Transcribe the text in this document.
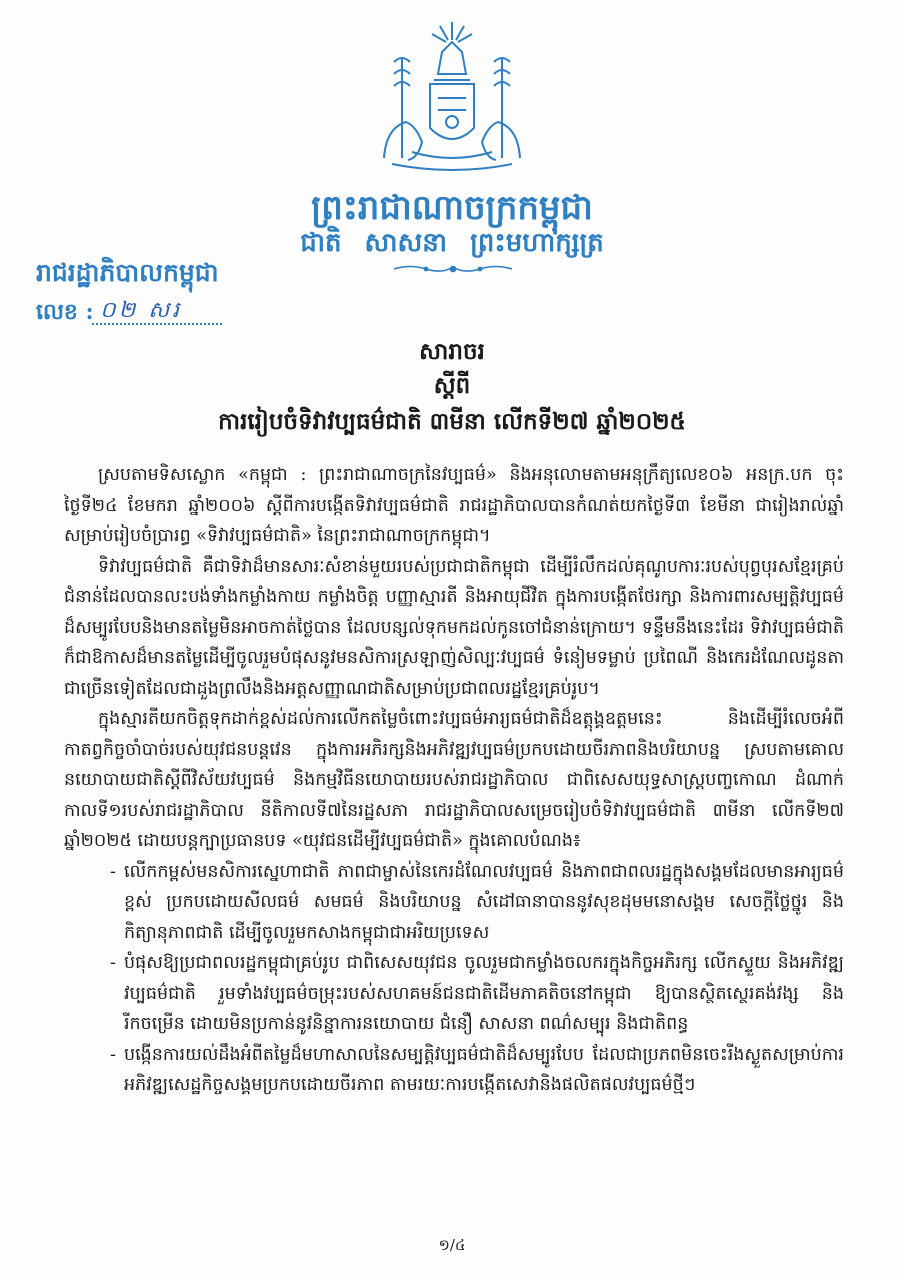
ព្រះរាជាណាចក្រកម្ពុជា
ជាតិ សាសនា ព្រះមហាក្សត្រ
រាជរដ្ឋាភិបាលកម្ពុជា
លេខ : ០២ សរ
សារាចរ
ស្តីពី
ការរៀបចំទិវាវប្បធម៌ជាតិ ៣មីនា លើកទី២៧ ឆ្នាំ២០២៥

ស្របតាមទិសស្លោក «កម្ពុជា : ព្រះរាជាណាចក្រនៃវប្បធម៌» និងអនុលោមតាមអនុក្រឹត្យលេខ០៦ អនក្រ.បក ចុះថ្ងៃទី២៤ ខែមករា ឆ្នាំ២០០៦ ស្តីពីការបង្កើតទិវាវប្បធម៌ជាតិ រាជរដ្ឋាភិបាលបានកំណត់យកថ្ងៃទី៣ ខែមីនា ជារៀងរាល់ឆ្នាំសម្រាប់រៀបចំប្រារព្ធ «ទិវាវប្បធម៌ជាតិ» នៃព្រះរាជាណាចក្រកម្ពុជា។

ទិវាវប្បធម៌ជាតិ គឺជាទិវាដ៏មានសារៈសំខាន់មួយរបស់ប្រជាជាតិកម្ពុជា ដើម្បីរំលឹកដល់គុណូបការៈរបស់បុព្វបុរសខ្មែរគ្រប់ជំនាន់ដែលបានលះបង់ទាំងកម្លាំងកាយ កម្លាំងចិត្ត បញ្ញាស្មារតី និងអាយុជីវិត ក្នុងការបង្កើតថែរក្សា និងការពារសម្បត្តិវប្បធម៌ដ៏សម្បូរបែបនិងមានតម្លៃមិនអាចកាត់ថ្លៃបាន ដែលបន្សល់ទុកមកដល់កូនចៅជំនាន់ក្រោយ។ ទន្ទឹមនឹងនេះដែរ ទិវាវប្បធម៌ជាតិក៏ជាឱកាសដ៏មានតម្លៃដើម្បីចូលរួមបំផុសនូវមនសិការស្រឡាញ់សិល្បៈវប្បធម៌ ទំនៀមទម្លាប់ ប្រពៃណី និងកេរដំណែលដូនតាជាច្រើនទៀតដែលជាដួងព្រលឹងនិងអត្តសញ្ញាណជាតិសម្រាប់ប្រជាពលរដ្ឋខ្មែរគ្រប់រូប។

ក្នុងស្មារតីយកចិត្តទុកដាក់ខ្ពស់ដល់ការលើកតម្លៃចំពោះវប្បធម៌អារ្យធម៌ជាតិដ៏ឧត្តុង្គឧត្តមនេះ និងដើម្បីរំលេចអំពីកាតព្វកិច្ចចាំបាច់របស់យុវជនបន្តវេន ក្នុងការអភិរក្សនិងអភិវឌ្ឍវប្បធម៌ប្រកបដោយចីរភាពនិងបរិយាបន្ន ស្របតាមគោលនយោបាយជាតិស្តីពីវិស័យវប្បធម៌ និងកម្មវិធីនយោបាយរបស់រាជរដ្ឋាភិបាល ជាពិសេសយុទ្ធសាស្ត្របញ្ចកោណ ដំណាក់កាលទី១របស់រាជរដ្ឋាភិបាល នីតិកាលទី៧នៃរដ្ឋសភា រាជរដ្ឋាភិបាលសម្រេចរៀបចំទិវាវប្បធម៌ជាតិ ៣មីនា លើកទី២៧ ឆ្នាំ២០២៥ ដោយបន្តក្បាប្រធានបទ «យុវជនដើម្បីវប្បធម៌ជាតិ» ក្នុងគោលបំណង៖

- លើកកម្ពស់មនសិការស្នេហាជាតិ ភាពជាម្ចាស់នៃកេរដំណែលវប្បធម៌ និងភាពជាពលរដ្ឋក្នុងសង្គមដែលមានអារ្យធម៌ខ្ពស់ ប្រកបដោយសីលធម៌ សមធម៌ និងបរិយាបន្ន សំដៅធានាបាននូវសុខដុមមនោសង្គម សេចក្តីថ្លៃថ្នូរ និងកិត្យានុភាពជាតិ ដើម្បីចូលរួមកសាងកម្ពុជាជាអរិយប្រទេស
- បំផុសឱ្យប្រជាពលរដ្ឋកម្ពុជាគ្រប់រូប ជាពិសេសយុវជន ចូលរួមជាកម្លាំងចលករក្នុងកិច្ចអភិរក្ស លើកស្ទួយ និងអភិវឌ្ឍវប្បធម៌ជាតិ រួមទាំងវប្បធម៌ចម្រុះរបស់សហគមន៍ជនជាតិដើមភាគតិចនៅកម្ពុជា ឱ្យបានស្ថិតស្ថេរគង់វង្ស និងរីកចម្រើន ដោយមិនប្រកាន់នូវនិន្នាការនយោបាយ ជំនឿ សាសនា ពណ៌សម្បុរ និងជាតិពន្ធ
- បង្កើនការយល់ដឹងអំពីតម្លៃដ៏មហាសាលនៃសម្បត្តិវប្បធម៌ជាតិដ៏សម្បូរបែប ដែលជាប្រភពមិនចេះរីងស្ងួតសម្រាប់ការអភិវឌ្ឍសេដ្ឋកិច្ចសង្គមប្រកបដោយចីរភាព តាមរយៈការបង្កើតសេវានិងផលិតផលវប្បធម៌ថ្មីៗ
១/៤
